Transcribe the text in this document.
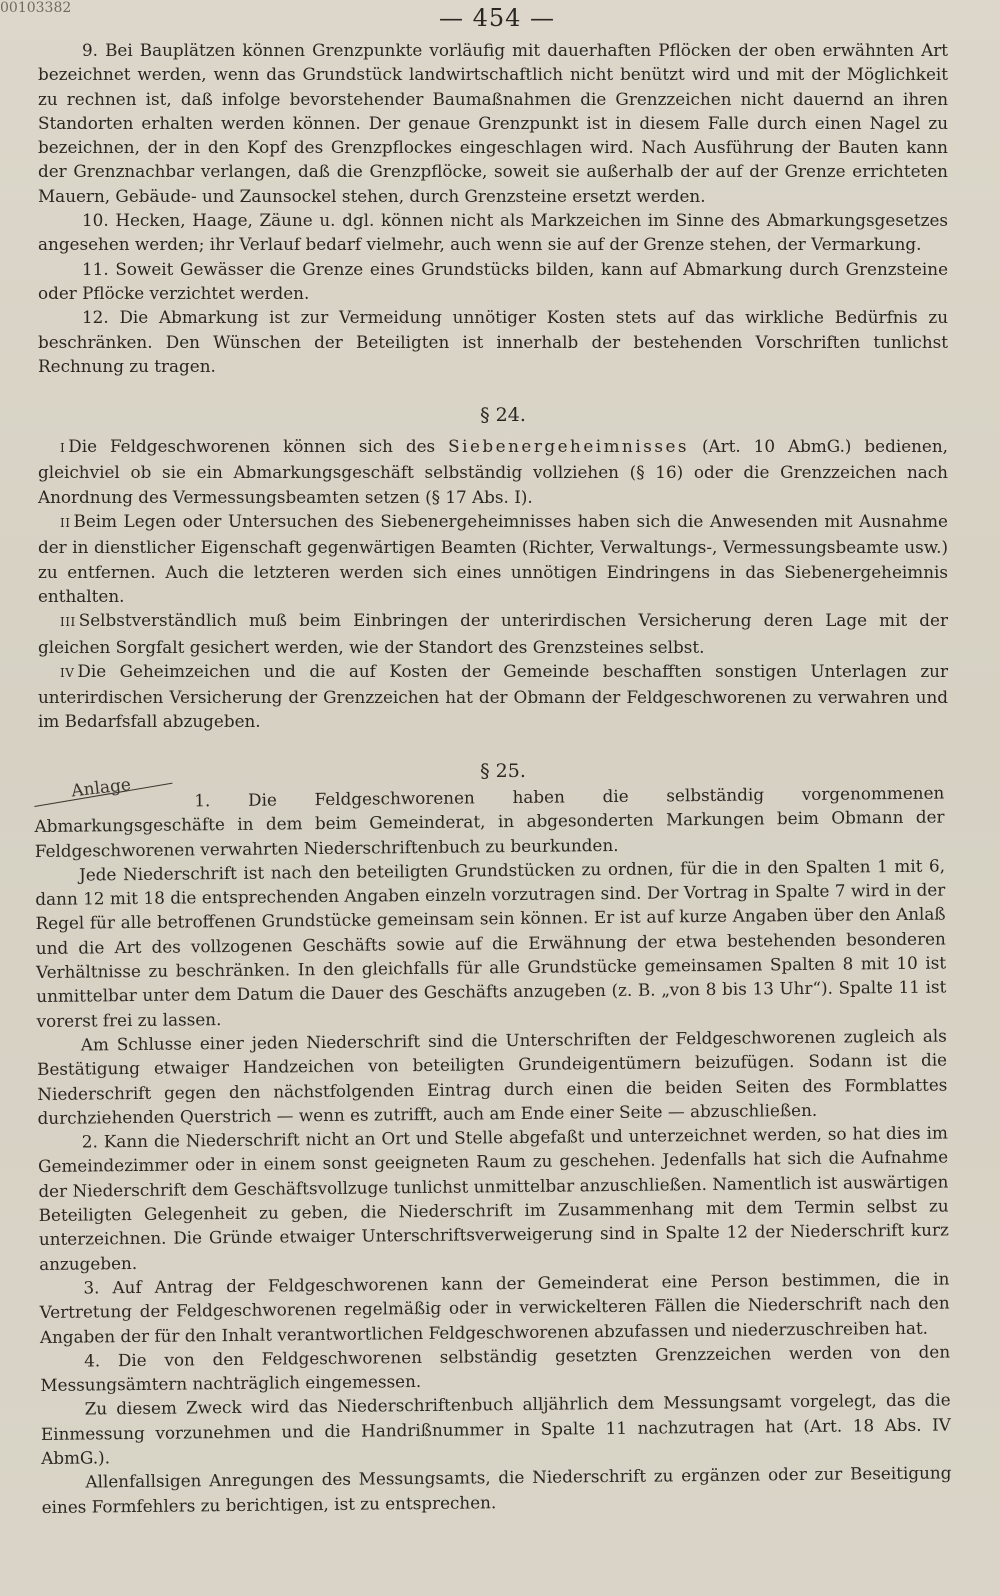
00103382	— 454 —

9. Bei Bauplätzen können Grenzpunkte vorläufig mit dauerhaften Pflöcken der oben erwähnten Art bezeichnet werden, wenn das Grundstück landwirtschaftlich nicht benützt wird und mit der Möglichkeit zu rechnen ist, daß infolge bevorstehender Baumaßnahmen die Grenzzeichen nicht dauernd an ihren Standorten erhalten werden können. Der genaue Grenzpunkt ist in diesem Falle durch einen Nagel zu bezeichnen, der in den Kopf des Grenzpflockes eingeschlagen wird. Nach Ausführung der Bauten kann der Grenznachbar verlangen, daß die Grenzpflöcke, soweit sie außerhalb der auf der Grenze errichteten Mauern, Gebäude- und Zaunsockel stehen, durch Grenzsteine ersetzt werden.

10. Hecken, Haage, Zäune u. dgl. können nicht als Markzeichen im Sinne des Abmarkungsgesetzes angesehen werden; ihr Verlauf bedarf vielmehr, auch wenn sie auf der Grenze stehen, der Vermarkung.

11. Soweit Gewässer die Grenze eines Grundstücks bilden, kann auf Abmarkung durch Grenzsteine oder Pflöcke verzichtet werden.

12. Die Abmarkung ist zur Vermeidung unnötiger Kosten stets auf das wirkliche Bedürfnis zu beschränken. Den Wünschen der Beteiligten ist innerhalb der bestehenden Vorschriften tunlichst Rechnung zu tragen.

§ 24.

I Die Feldgeschworenen können sich des Siebenergeheimnisses (Art. 10 AbmG.) bedienen, gleichviel ob sie ein Abmarkungsgeschäft selbständig vollziehen (§ 16) oder die Grenzzeichen nach Anordnung des Vermessungsbeamten setzen (§ 17 Abs. I).

II Beim Legen oder Untersuchen des Siebenergeheimnisses haben sich die Anwesenden mit Ausnahme der in dienstlicher Eigenschaft gegenwärtigen Beamten (Richter, Verwaltungs-, Vermessungsbeamte usw.) zu entfernen. Auch die letzteren werden sich eines unnötigen Eindringens in das Siebenergeheimnis enthalten.

III Selbstverständlich muß beim Einbringen der unterirdischen Versicherung deren Lage mit der gleichen Sorgfalt gesichert werden, wie der Standort des Grenzsteines selbst.

IV Die Geheimzeichen und die auf Kosten der Gemeinde beschafften sonstigen Unterlagen zur unterirdischen Versicherung der Grenzzeichen hat der Obmann der Feldgeschworenen zu verwahren und im Bedarfsfall abzugeben.

§ 25.
Anlage	1. Die Feldgeschworenen haben die selbständig vorgenommenen Abmarkungsgeschäfte in dem beim Gemeinderat, in abgesonderten Markungen beim Obmann der Feldgeschworenen verwahrten Niederschriftenbuch zu beurkunden.

Jede Niederschrift ist nach den beteiligten Grundstücken zu ordnen, für die in den Spalten 1 mit 6, dann 12 mit 18 die entsprechenden Angaben einzeln vorzutragen sind. Der Vortrag in Spalte 7 wird in der Regel für alle betroffenen Grundstücke gemeinsam sein können. Er ist auf kurze Angaben über den Anlaß und die Art des vollzogenen Geschäfts sowie auf die Erwähnung der etwa bestehenden besonderen Verhältnisse zu beschränken. In den gleichfalls für alle Grundstücke gemeinsamen Spalten 8 mit 10 ist unmittelbar unter dem Datum die Dauer des Geschäfts anzugeben (z. B. „von 8 bis 13 Uhr“). Spalte 11 ist vorerst frei zu lassen.

Am Schlusse einer jeden Niederschrift sind die Unterschriften der Feldgeschworenen zugleich als Bestätigung etwaiger Handzeichen von beteiligten Grundeigentümern beizufügen. Sodann ist die Niederschrift gegen den nächstfolgenden Eintrag durch einen die beiden Seiten des Formblattes durchziehenden Querstrich — wenn es zutrifft, auch am Ende einer Seite — abzuschließen.

2. Kann die Niederschrift nicht an Ort und Stelle abgefaßt und unterzeichnet werden, so hat dies im Gemeindezimmer oder in einem sonst geeigneten Raum zu geschehen. Jedenfalls hat sich die Aufnahme der Niederschrift dem Geschäftsvollzuge tunlichst unmittelbar anzuschließen. Namentlich ist auswärtigen Beteiligten Gelegenheit zu geben, die Niederschrift im Zusammenhang mit dem Termin selbst zu unterzeichnen. Die Gründe etwaiger Unterschriftsverweigerung sind in Spalte 12 der Niederschrift kurz anzugeben.

3. Auf Antrag der Feldgeschworenen kann der Gemeinderat eine Person bestimmen, die in Vertretung der Feldgeschworenen regelmäßig oder in verwickelteren Fällen die Niederschrift nach den Angaben der für den Inhalt verantwortlichen Feldgeschworenen abzufassen und niederzuschreiben hat.

4. Die von den Feldgeschworenen selbständig gesetzten Grenzzeichen werden von den Messungsämtern nachträglich eingemessen.

Zu diesem Zweck wird das Niederschriftenbuch alljährlich dem Messungsamt vorgelegt, das die Einmessung vorzunehmen und die Handrißnummer in Spalte 11 nachzutragen hat (Art. 18 Abs. IV AbmG.).

Allenfallsigen Anregungen des Messungsamts, die Niederschrift zu ergänzen oder zur Beseitigung eines Formfehlers zu berichtigen, ist zu entsprechen.
